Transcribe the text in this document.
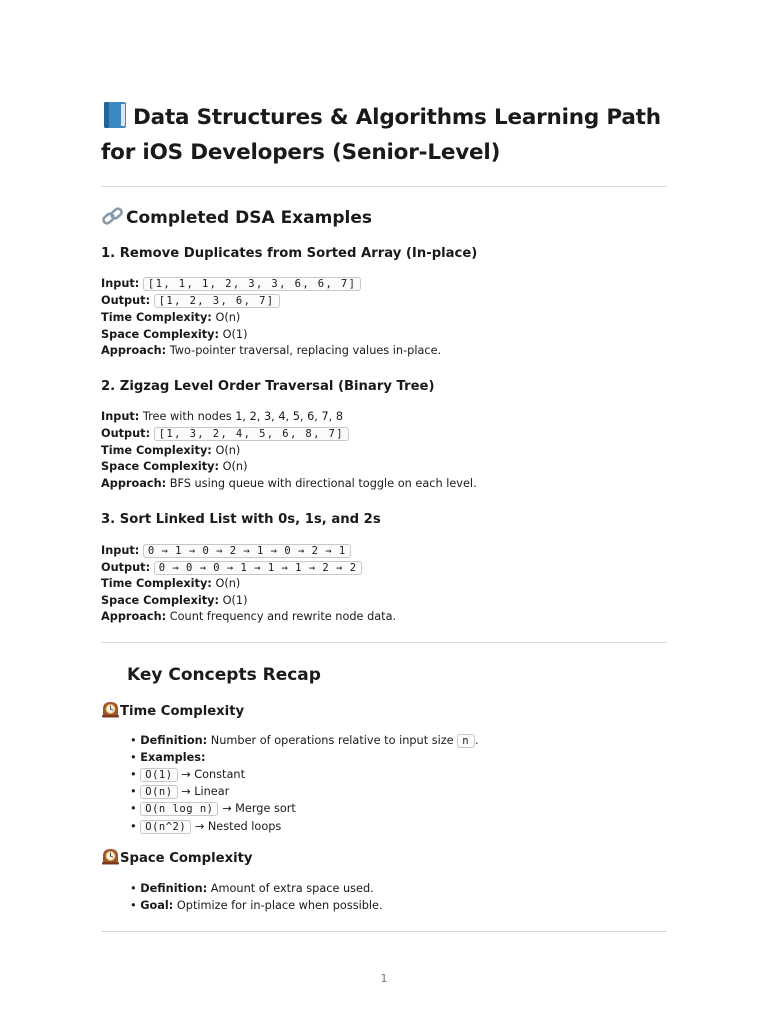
Data Structures & Algorithms Learning Path for iOS Developers (Senior-Level)
Completed DSA Examples
1. Remove Duplicates from Sorted Array (In-place)
Input: [1, 1, 1, 2, 3, 3, 6, 6, 7]
Output: [1, 2, 3, 6, 7]
Time Complexity: O(n)
Space Complexity: O(1)
Approach: Two-pointer traversal, replacing values in-place.
2. Zigzag Level Order Traversal (Binary Tree)
Input: Tree with nodes 1, 2, 3, 4, 5, 6, 7, 8
Output: [1, 3, 2, 4, 5, 6, 8, 7]
Time Complexity: O(n)
Space Complexity: O(n)
Approach: BFS using queue with directional toggle on each level.
3. Sort Linked List with 0s, 1s, and 2s
Input: 0 → 1 → 0 → 2 → 1 → 0 → 2 → 1
Output: 0 → 0 → 0 → 1 → 1 → 1 → 2 → 2
Time Complexity: O(n)
Space Complexity: O(1)
Approach: Count frequency and rewrite node data.
Key Concepts Recap
Time Complexity
• Definition: Number of operations relative to input size n .
• Examples:
• O(1) → Constant
• O(n) → Linear
• O(n log n) → Merge sort
• O(n^2) → Nested loops
Space Complexity
• Definition: Amount of extra space used.
• Goal: Optimize for in-place when possible.
1
